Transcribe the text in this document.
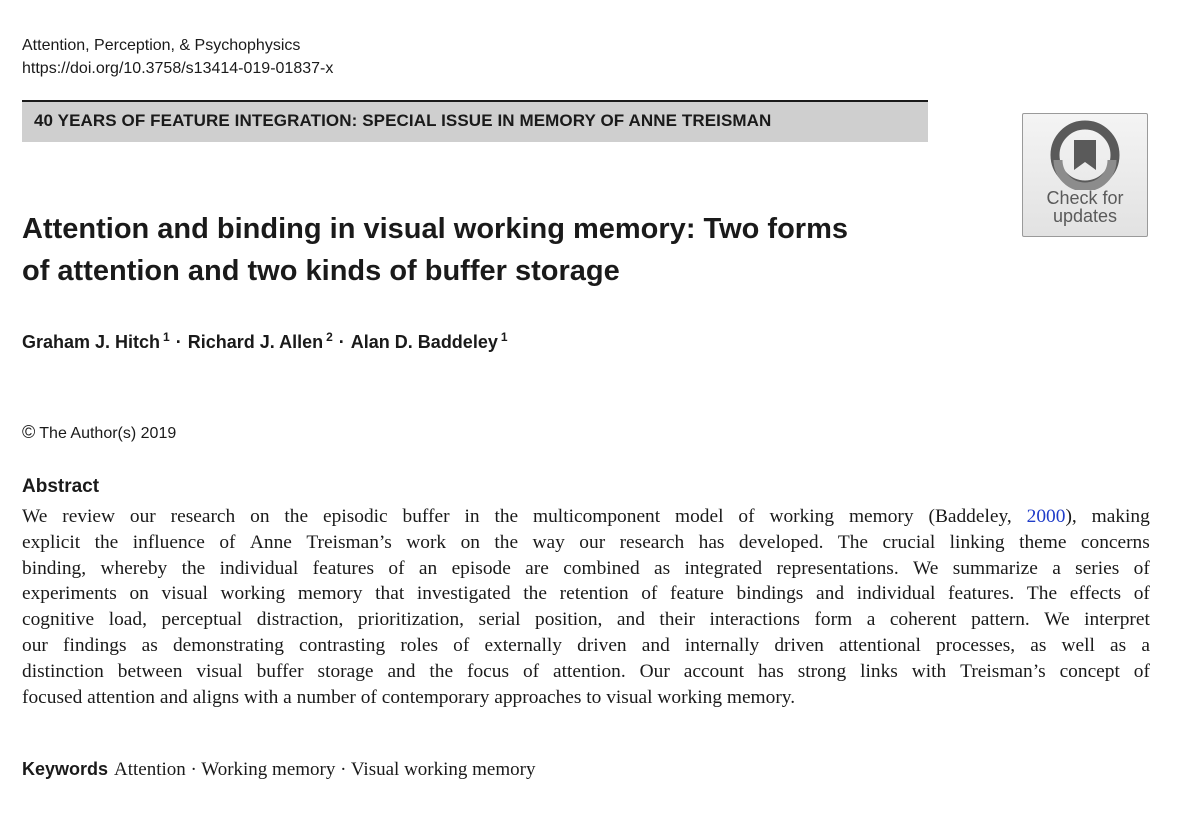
Attention, Perception, & Psychophysics
https://doi.org/10.3758/s13414-019-01837-x
40 YEARS OF FEATURE INTEGRATION: SPECIAL ISSUE IN MEMORY OF ANNE TREISMAN
Check for
updates
Attention and binding in visual working memory: Two forms
of attention and two kinds of buffer storage
Graham J. Hitch $^1$ · Richard J. Allen $^2$ · Alan D. Baddeley $^1$
© The Author(s) 2019
Abstract
We review our research on the episodic buffer in the multicomponent model of working memory (Baddeley, 2000), making
explicit the influence of Anne Treisman’s work on the way our research has developed. The crucial linking theme concerns
binding, whereby the individual features of an episode are combined as integrated representations. We summarize a series of
experiments on visual working memory that investigated the retention of feature bindings and individual features. The effects of
cognitive load, perceptual distraction, prioritization, serial position, and their interactions form a coherent pattern. We interpret
our findings as demonstrating contrasting roles of externally driven and internally driven attentional processes, as well as a
distinction between visual buffer storage and the focus of attention. Our account has strong links with Treisman’s concept of
focused attention and aligns with a number of contemporary approaches to visual working memory.
Keywords Attention · Working memory · Visual working memory
